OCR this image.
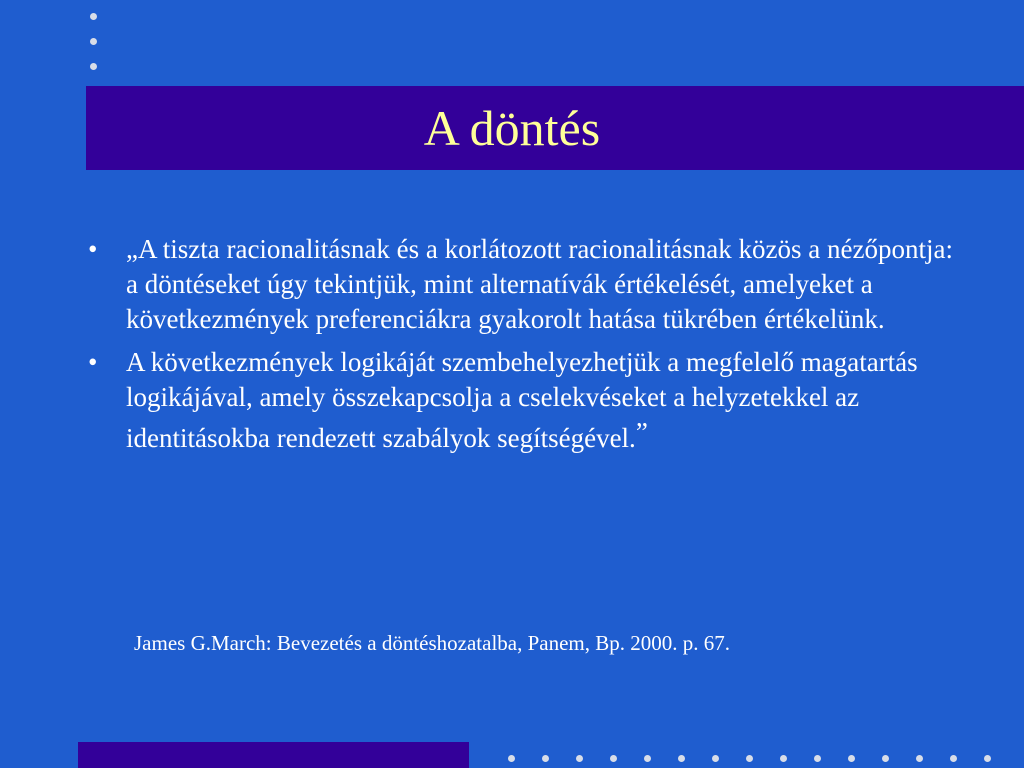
A döntés
• „A tiszta racionalitásnak és a korlátozott racionalitásnak közös a nézőpontja: a döntéseket úgy tekintjük, mint alternatívák értékelését, amelyeket a következmények preferenciákra gyakorolt hatása tükrében értékelünk.
• A következmények logikáját szembehelyezhetjük a megfelelő magatartás logikájával, amely összekapcsolja a cselekvéseket a helyzetekkel az identitásokba rendezett szabályok segítségével.”

James G.March: Bevezetés a döntéshozatalba, Panem, Bp. 2000. p. 67.
